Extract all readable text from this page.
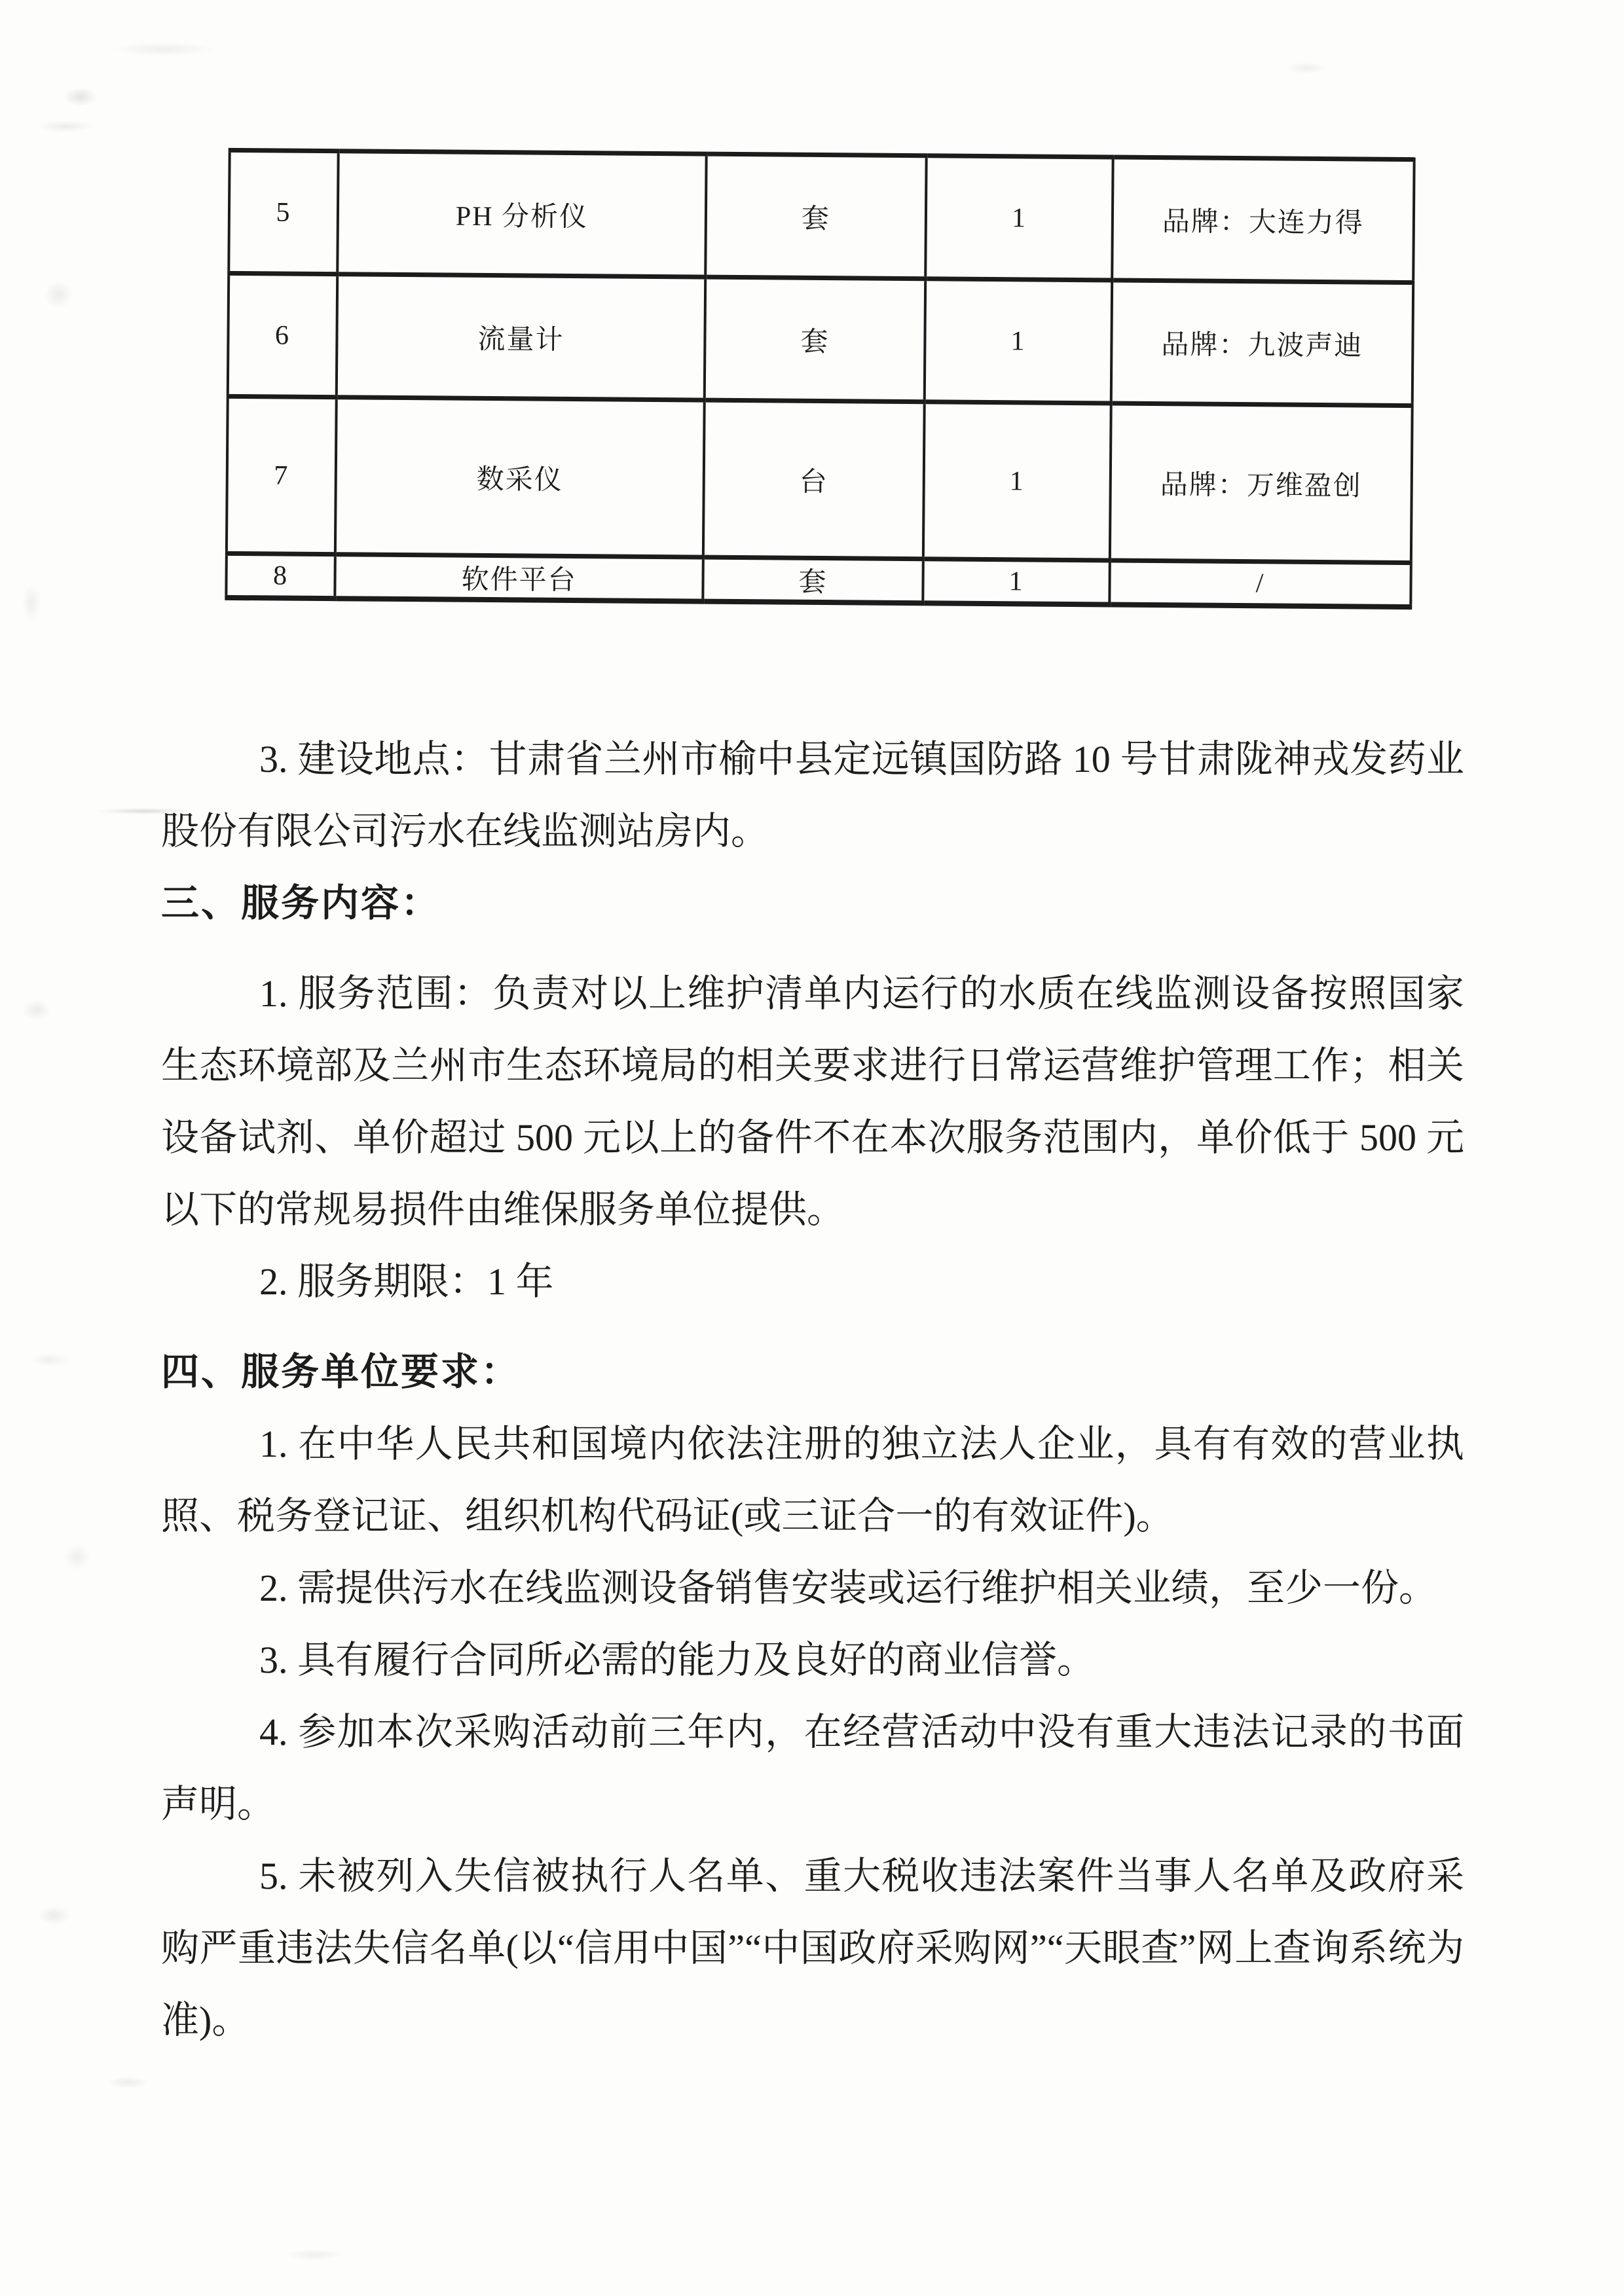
5	PH 分析仪	套	1	品牌：大连力得
6	流量计	套	1	品牌：九波声迪
7	数采仪	台	1	品牌：万维盈创
8	软件平台	套	1	/

3. 建设地点：甘肃省兰州市榆中县定远镇国防路 10 号甘肃陇神戎发药业股份有限公司污水在线监测站房内。

三、服务内容：

1. 服务范围：负责对以上维护清单内运行的水质在线监测设备按照国家生态环境部及兰州市生态环境局的相关要求进行日常运营维护管理工作；相关设备试剂、单价超过 500 元以上的备件不在本次服务范围内，单价低于 500 元以下的常规易损件由维保服务单位提供。

2. 服务期限：1 年

四、服务单位要求：

1. 在中华人民共和国境内依法注册的独立法人企业，具有有效的营业执照、税务登记证、组织机构代码证(或三证合一的有效证件)。

2. 需提供污水在线监测设备销售安装或运行维护相关业绩，至少一份。

3. 具有履行合同所必需的能力及良好的商业信誉。

4. 参加本次采购活动前三年内，在经营活动中没有重大违法记录的书面声明。

5. 未被列入失信被执行人名单、重大税收违法案件当事人名单及政府采购严重违法失信名单(以“信用中国”“中国政府采购网”“天眼查”网上查询系统为准)。
